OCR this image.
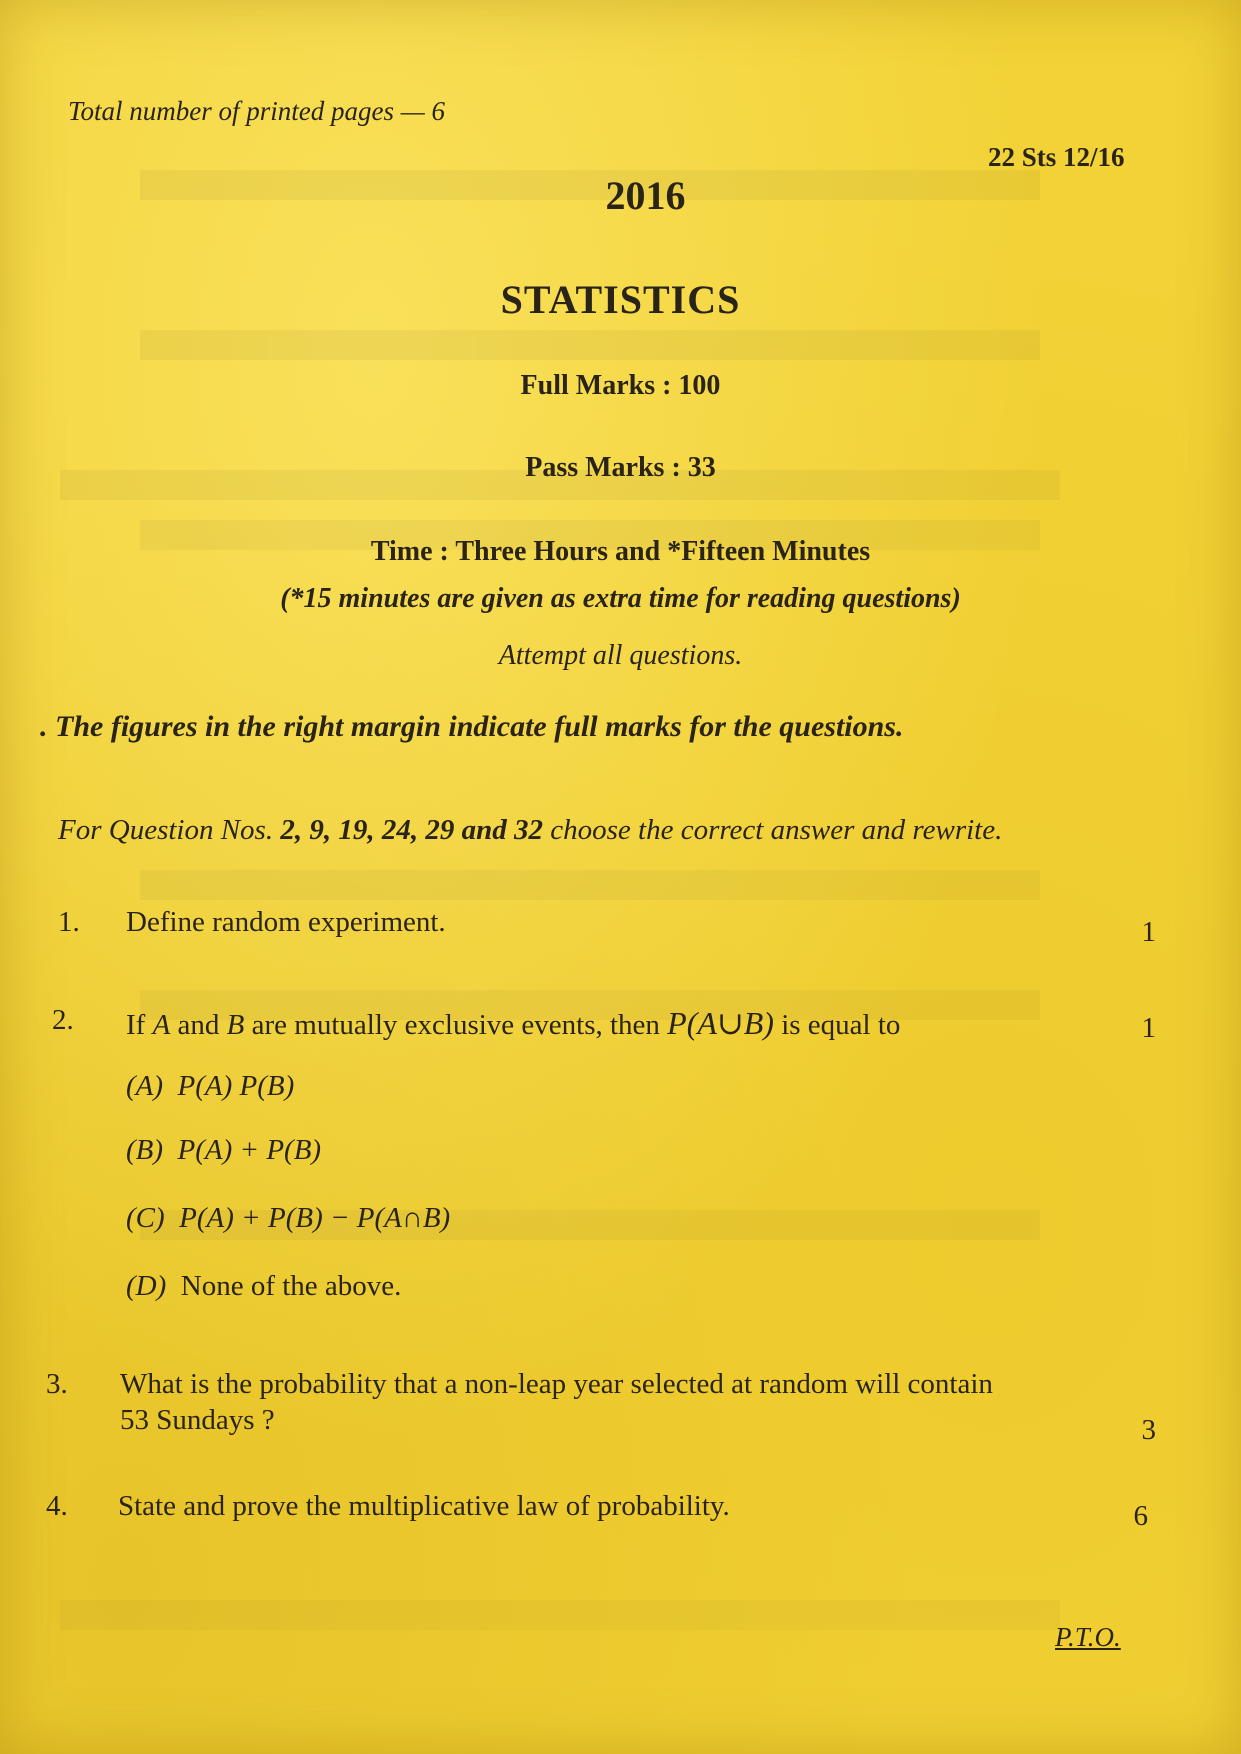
Total number of printed pages — 6
22 Sts 12/16
2016
STATISTICS
Full Marks : 100
Pass Marks : 33
Time : Three Hours and *Fifteen Minutes
(*15 minutes are given as extra time for reading questions)
Attempt all questions.
. The figures in the right margin indicate full marks for the questions.
For Question Nos. 2, 9, 19, 24, 29 and 32 choose the correct answer and rewrite.
1. Define random experiment.	1
2. If A and B are mutually exclusive events, then P(A∪B) is equal to	1
(A) P(A) P(B)
(B) P(A) + P(B)
(C) P(A) + P(B) − P(A∩B)
(D) None of the above.
3. What is the probability that a non-leap year selected at random will contain
53 Sundays ?	3
4. State and prove the multiplicative law of probability.	6
P.T.O.
